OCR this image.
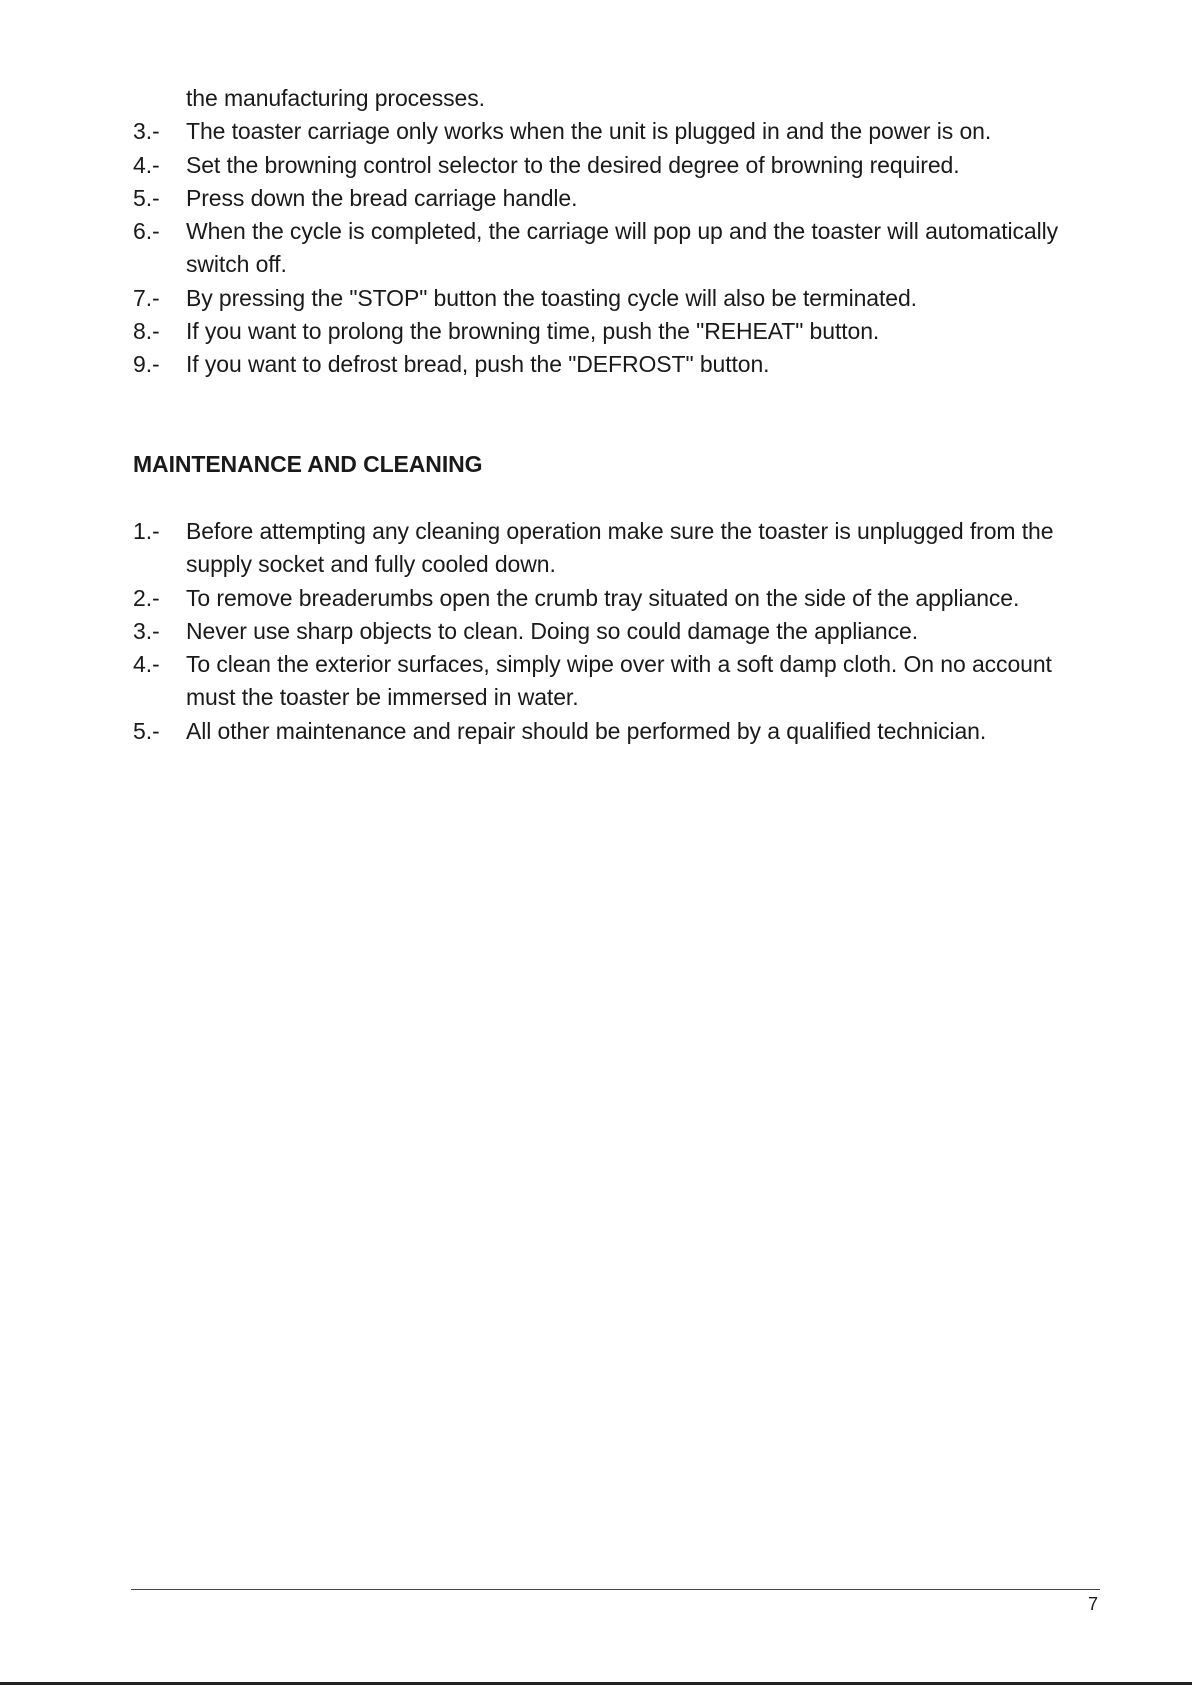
the manufacturing processes.
3.-	The toaster carriage only works when the unit is plugged in and the power is on.
4.-	Set the browning control selector to the desired degree of browning required.
5.-	Press down the bread carriage handle.
6.-	When the cycle is completed, the carriage will pop up and the toaster will automatically switch off.
7.-	By pressing the "STOP" button the toasting cycle will also be terminated.
8.-	If you want to prolong the browning time, push the "REHEAT" button.
9.-	If you want to defrost bread, push the "DEFROST" button.
MAINTENANCE AND CLEANING
1.-	Before attempting any cleaning operation make sure the toaster is unplugged from the supply socket and fully cooled down.
2.-	To remove breaderumbs open the crumb tray situated on the side of the appliance.
3.-	Never use sharp objects to clean. Doing so could damage the appliance.
4.-	To clean the exterior surfaces, simply wipe over with a soft damp cloth. On no account must the toaster be immersed in water.
5.-	All other maintenance and repair should be performed by a qualified technician.
7
